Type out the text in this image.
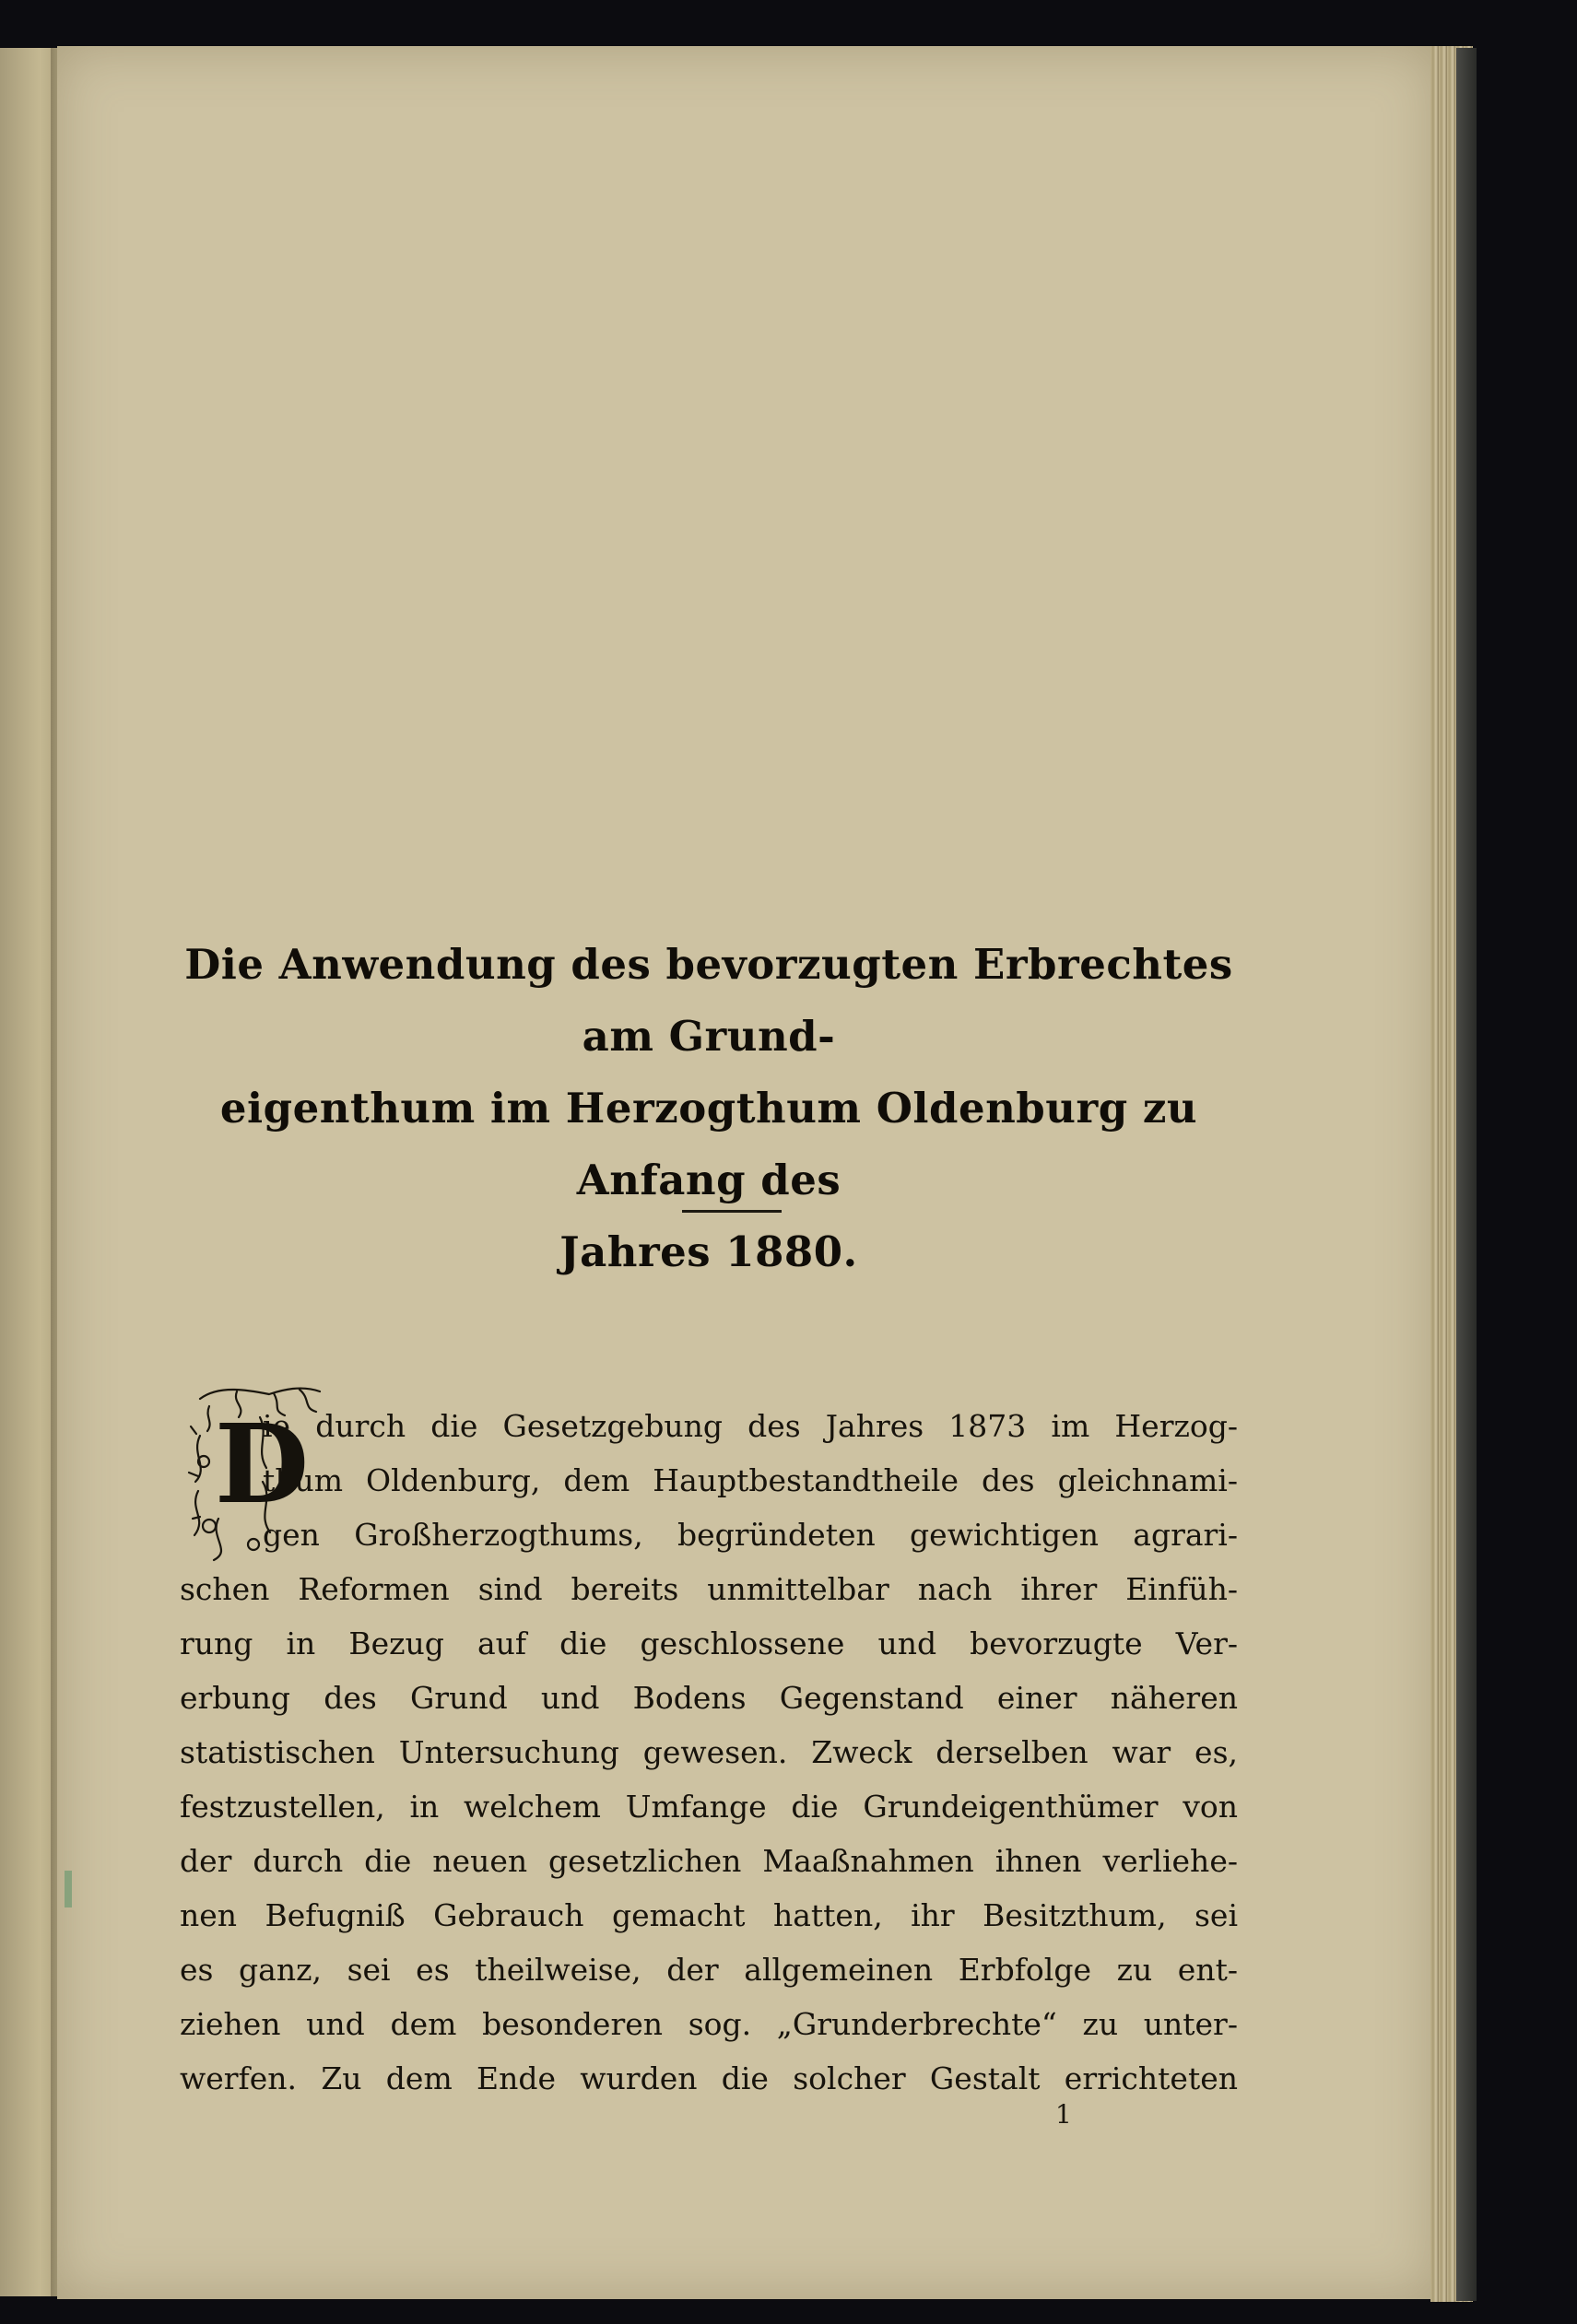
Die Anwendung des bevorzugten Erbrechtes am Grund-
eigenthum im Herzogthum Oldenburg zu Anfang des
Jahres 1880.
D
ie durch die Gesetzgebung des Jahres 1873 im Herzog-
thum Oldenburg, dem Hauptbestandtheile des gleichnami-
gen Großherzogthums, begründeten gewichtigen agrari-
schen Reformen sind bereits unmittelbar nach ihrer Einfüh-
rung in Bezug auf die geschlossene und bevorzugte Ver-
erbung des Grund und Bodens Gegenstand einer näheren
statistischen Untersuchung gewesen. Zweck derselben war es,
festzustellen, in welchem Umfange die Grundeigenthümer von
der durch die neuen gesetzlichen Maaßnahmen ihnen verliehe-
nen Befugniß Gebrauch gemacht hatten, ihr Besitzthum, sei
es ganz, sei es theilweise, der allgemeinen Erbfolge zu ent-
ziehen und dem besonderen sog. „Grunderbrechte“ zu unter-
werfen. Zu dem Ende wurden die solcher Gestalt errichteten
1
